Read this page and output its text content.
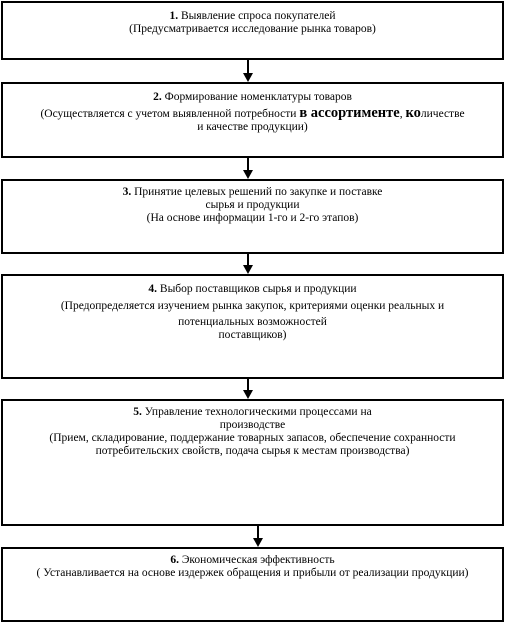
1. Выявление спроса покупателей
(Предусматривается исследование рынка товаров)
2. Формирование номенклатуры товаров
(Осуществляется с учетом выявленной потребности в ассортименте, количестве
и качестве продукции)
3. Принятие целевых решений по закупке и поставке
сырья и продукции
(На основе информации 1-го и 2-го этапов)
4. Выбор поставщиков сырья и продукции
(Предопределяется изучением рынка закупок, критериями оценки реальных и
потенциальных возможностей
поставщиков)
5. Управление технологическими процессами на
производстве
(Прием, складирование, поддержание товарных запасов, обеспечение сохранности
потребительских свойств, подача сырья к местам производства)
6. Экономическая эффективность
( Устанавливается на основе издержек обращения и прибыли от реализации продукции)
